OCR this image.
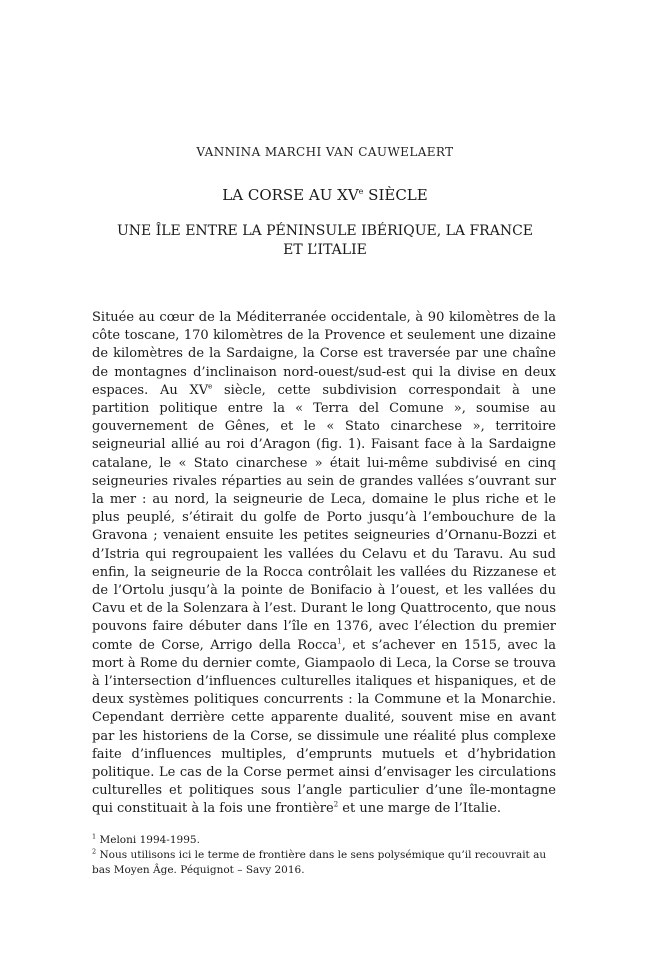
VANNINA MARCHI VAN CAUWELAERT
LA CORSE AU XVe SIÈCLE
UNE ÎLE ENTRE LA PÉNINSULE IBÉRIQUE, LA FRANCE
ET L’ITALIE
Située au cœur de la Méditerranée occidentale, à 90 kilomètres de la côte toscane, 170 kilomètres de la Provence et seulement une dizaine de kilomètres de la Sardaigne, la Corse est traversée par une chaîne de montagnes d’inclinaison nord-ouest/sud-est qui la divise en deux espaces. Au XVe siècle, cette subdivision correspondait à une partition politique entre la « Terra del Comune », soumise au gouvernement de Gênes, et le « Stato cinarchese », territoire seigneurial allié au roi d’Aragon (fig. 1). Faisant face à la Sardaigne catalane, le « Stato cinarchese » était lui-même subdivisé en cinq seigneuries rivales réparties au sein de grandes vallées s’ouvrant sur la mer : au nord, la seigneurie de Leca, domaine le plus riche et le plus peuplé, s’étirait du golfe de Porto jusqu’à l’embouchure de la Gravona ; venaient ensuite les petites seigneuries d’Ornanu-Bozzi et d’Istria qui regroupaient les vallées du Celavu et du Taravu. Au sud enfin, la seigneurie de la Rocca contrôlait les vallées du Rizzanese et de l’Ortolu jusqu’à la pointe de Bonifacio à l’ouest, et les vallées du Cavu et de la Solenzara à l’est. Durant le long Quattrocento, que nous pouvons faire débuter dans l’île en 1376, avec l’élection du premier comte de Corse, Arrigo della Rocca$^1$, et s’achever en 1515, avec la mort à Rome du dernier comte, Giampaolo di Leca, la Corse se trouva à l’intersection d’influences culturelles italiques et hispaniques, et de deux systèmes politiques concurrents : la Commune et la Monarchie. Cependant derrière cette apparente dualité, souvent mise en avant par les historiens de la Corse, se dissimule une réalité plus complexe faite d’influences multiples, d’emprunts mutuels et d’hybridation politique. Le cas de la Corse permet ainsi d’envisager les circulations culturelles et politiques sous l’angle particulier d’une île-montagne qui constituait à la fois une frontière$^2$ et une marge de l’Italie.

$^1$ Meloni 1994-1995.

$^2$ Nous utilisons ici le terme de frontière dans le sens polysémique qu’il recouvrait au bas Moyen Âge. Péquignot – Savy 2016.
